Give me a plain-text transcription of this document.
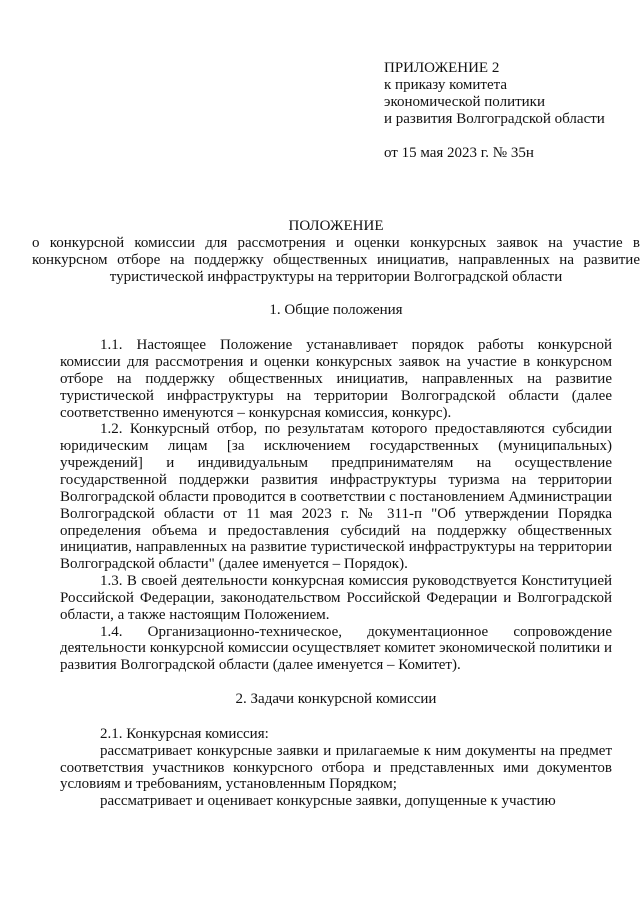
ПРИЛОЖЕНИЕ 2

к приказу комитета

экономической политики

и развития Волгоградской области

от 15 мая 2023 г. № 35н

ПОЛОЖЕНИЕ

о конкурсной комиссии для рассмотрения и оценки конкурсных заявок на участие в конкурсном отборе на поддержку общественных инициатив, направленных на развитие туристической инфраструктуры на территории Волгоградской области

1. Общие положения

1.1. Настоящее Положение устанавливает порядок работы конкурсной комиссии для рассмотрения и оценки конкурсных заявок на участие в конкурсном отборе на поддержку общественных инициатив, направленных на развитие туристической инфраструктуры на территории Волгоградской области (далее соответственно именуются – конкурсная комиссия, конкурс).

1.2. Конкурсный отбор, по результатам которого предоставляются субсидии юридическим лицам [за исключением государственных (муниципальных) учреждений] и индивидуальным предпринимателям на осуществление государственной поддержки развития инфраструктуры туризма на территории Волгоградской области проводится в соответствии с постановлением Администрации Волгоградской области от 11 мая 2023 г. № 311-п "Об утверждении Порядка определения объема и предоставления субсидий на поддержку общественных инициатив, направленных на развитие туристической инфраструктуры на территории Волгоградской области" (далее именуется – Порядок).

1.3. В своей деятельности конкурсная комиссия руководствуется Конституцией Российской Федерации, законодательством Российской Федерации и Волгоградской области, а также настоящим Положением.

1.4. Организационно-техническое, документационное сопровождение деятельности конкурсной комиссии осуществляет комитет экономической политики и развития Волгоградской области (далее именуется – Комитет).

2. Задачи конкурсной комиссии

2.1. Конкурсная комиссия:

рассматривает конкурсные заявки и прилагаемые к ним документы на предмет соответствия участников конкурсного отбора и представленных ими документов условиям и требованиям, установленным Порядком;

рассматривает и оценивает конкурсные заявки, допущенные к участию
